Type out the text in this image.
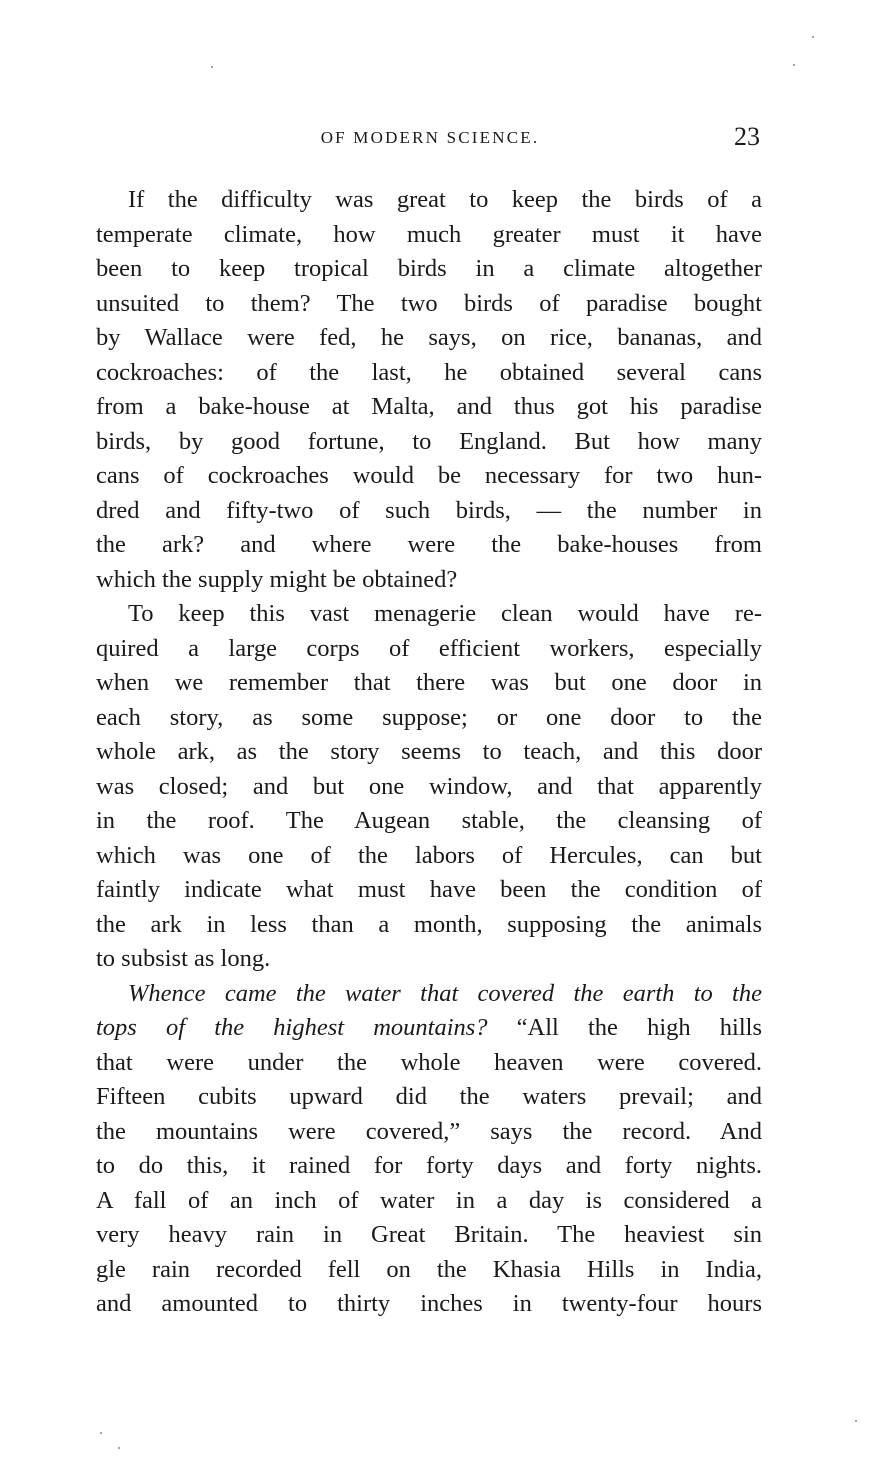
OF MODERN SCIENCE.	23
If the difficulty was great to keep the birds of a
temperate climate, how much greater must it have
been to keep tropical birds in a climate altogether
unsuited to them? The two birds of paradise bought
by Wallace were fed, he says, on rice, bananas, and
cockroaches: of the last, he obtained several cans
from a bake-house at Malta, and thus got his paradise
birds, by good fortune, to England. But how many
cans of cockroaches would be necessary for two hun-
dred and fifty-two of such birds, — the number in
the ark? and where were the bake-houses from
which the supply might be obtained?
To keep this vast menagerie clean would have re-
quired a large corps of efficient workers, especially
when we remember that there was but one door in
each story, as some suppose; or one door to the
whole ark, as the story seems to teach, and this door
was closed; and but one window, and that apparently
in the roof. The Augean stable, the cleansing of
which was one of the labors of Hercules, can but
faintly indicate what must have been the condition of
the ark in less than a month, supposing the animals
to subsist as long.
Whence came the water that covered the earth to the
tops of the highest mountains? “All the high hills
that were under the whole heaven were covered.
Fifteen cubits upward did the waters prevail; and
the mountains were covered,” says the record. And
to do this, it rained for forty days and forty nights.
A fall of an inch of water in a day is considered a
very heavy rain in Great Britain. The heaviest sin
gle rain recorded fell on the Khasia Hills in India,
and amounted to thirty inches in twenty-four hours
